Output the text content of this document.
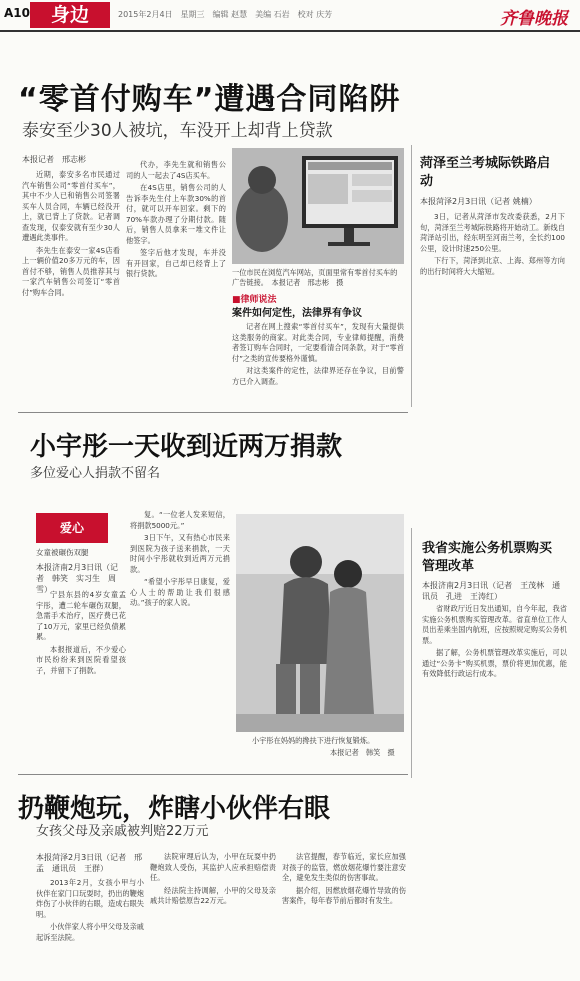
A10	身边	2015年2月4日　星期三　编辑 赵慧　美编 石岩　校对 庆芳	齐鲁晚报
“零首付购车”遭遇合同陷阱
泰安至少30人被坑，车没开上却背上贷款
本报记者　邢志彬

近期，泰安多名市民通过汽车销售公司“零首付买车”，其中不少人已和销售公司签署买车人员合同，车辆已经没开上，就已背上了贷款。记者调查发现，仅泰安就有至少30人遭遇此类事件。

李先生在泰安一家4S店看上一辆价值20多万元的车，因首付不够，销售人员推荐其与一家汽车销售公司签订“零首付”购车合同。

代办，李先生就和销售公司的人一起去了4S店买车。

在4S店里，销售公司的人告诉李先生付上车款30%的首付，就可以开车回家。剩下的70%车款办理了分期付款。随后，销售人员拿来一堆文件让他签字。

签字后他才发现，车并没有开回家，自己却已经背上了银行贷款。	一位市民在浏览汽车网站，页面里常有零首付买车的广告链接。　本报记者　邢志彬　摄
■律师说法
案件如何定性，法律界有争议

记者在网上搜索“零首付买车”，发现有大量提供这类服务的商家。对此类合同，专业律师提醒，消费者签订购车合同时，一定要看清合同条款，对于“零首付”之类的宣传要格外谨慎。

对这类案件的定性，法律界还存在争议，目前警方已介入调查。

菏泽至兰考城际铁路启动
本报菏泽2月3日讯（记者 姚楠）

3日，记者从菏泽市发改委获悉，2月下旬，菏泽至兰考城际铁路将开始动工。新线自菏泽站引出，经东明至河南兰考，全长约100公里，设计时速250公里。

下行下，菏泽到北京、上海、郑州等方向的出行时间将大大缩短。

小宇彤一天收到近两万捐款
多位爱心人捐款不留名
爱心
女童被碾伤双腿
本报济南2月3日讯（记者　韩笑　实习生　周雪）

宁县东县的4岁女童孟宇彤，遭二轮车碾伤双腿，急需手术治疗，医疗费已花了10万元，家里已经负债累累。

本报报道后，不少爱心市民纷纷来到医院看望孩子，并留下了捐款。

复。“一位老人发来短信，将捐款5000元。”

3日下午，又有热心市民来到医院为孩子送来捐款，一天时间小宇彤就收到近两万元捐款。

“希望小宇彤早日康复，爱心人士的帮助让我们很感动。”孩子的家人说。

小宇彤在妈妈的搀扶下进行恢复锻炼。
本报记者　韩笑　摄
我省实施公务机票购买管理改革
本报济南2月3日讯（记者　王茂林　通讯员　孔进　王涛红）

省财政厅近日发出通知，自今年起，我省实施公务机票购买管理改革。省直单位工作人员出差乘坐国内航班，应按照规定购买公务机票。

据了解，公务机票管理改革实施后，可以通过“公务卡”购买机票，票价将更加优惠，能有效降低行政运行成本。

扔鞭炮玩，炸瞎小伙伴右眼
女孩父母及亲戚被判赔22万元
本报菏泽2月3日讯（记者　邢孟　通讯员　王群）

2013年2月，女孩小甲与小伙伴在家门口玩耍时，扔出的鞭炮炸伤了小伙伴的右眼，造成右眼失明。

小伙伴家人将小甲父母及亲戚起诉至法院。

法院审理后认为，小甲在玩耍中扔鞭炮致人受伤，其监护人应承担赔偿责任。

经法院主持调解，小甲的父母及亲戚共计赔偿原告22万元。

法官提醒，春节临近，家长应加强对孩子的监管，燃放烟花爆竹要注意安全，避免发生类似的伤害事故。

据介绍，因燃放烟花爆竹导致的伤害案件，每年春节前后都时有发生。
